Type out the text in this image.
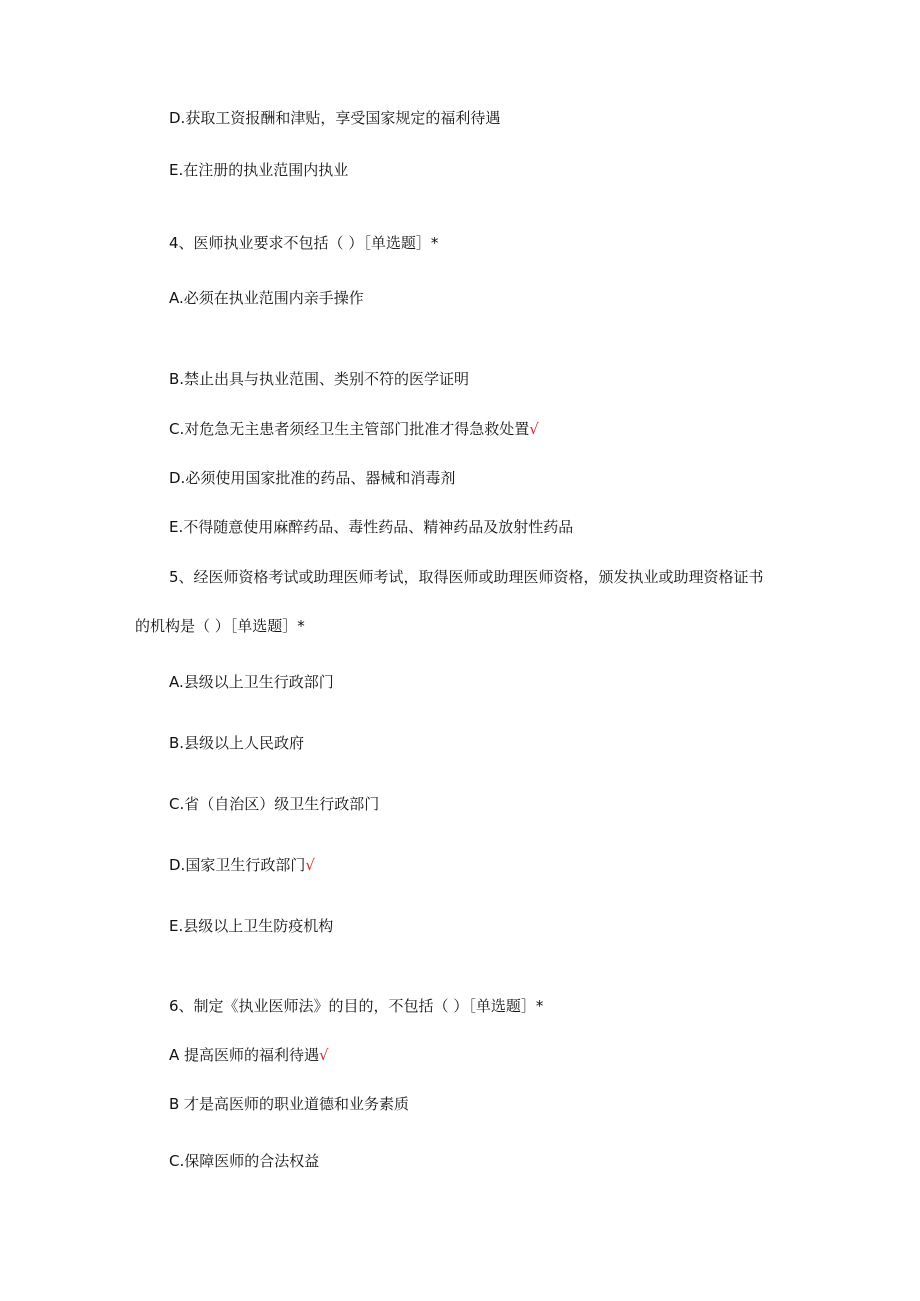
D.获取工资报酬和津贴，享受国家规定的福利待遇
E.在注册的执业范围内执业
4、医师执业要求不包括（ ）［单选题］*
A.必须在执业范围内亲手操作
B.禁止出具与执业范围、类别不符的医学证明
C.对危急无主患者须经卫生主管部门批准才得急救处置√
D.必须使用国家批准的药品、器械和消毒剂
E.不得随意使用麻醉药品、毒性药品、精神药品及放射性药品
5、经医师资格考试或助理医师考试，取得医师或助理医师资格，颁发执业或助理资格证书
的机构是（ ）［单选题］*
A.县级以上卫生行政部门
B.县级以上人民政府
C.省（自治区）级卫生行政部门
D.国家卫生行政部门√
E.县级以上卫生防疫机构
6、制定《执业医师法》的目的，不包括（ ）［单选题］*
A 提高医师的福利待遇√
B 才是高医师的职业道德和业务素质
C.保障医师的合法权益
